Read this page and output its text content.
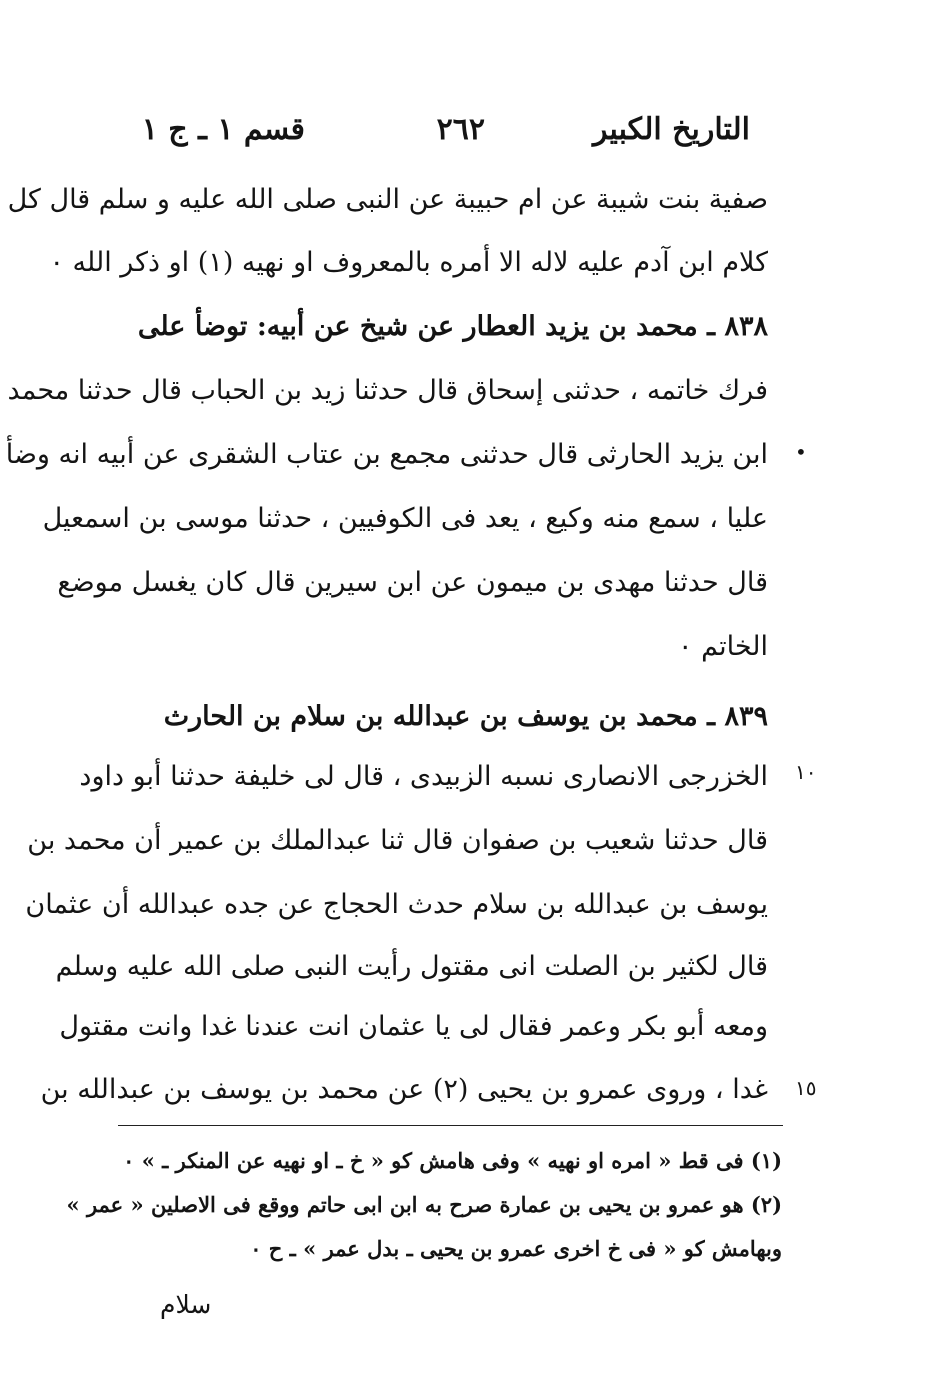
التاريخ الكبير
٢٦٢
قسم ١ ـ ج ١
صفية بنت شيبة عن ام حبيبة عن النبى صلى الله عليه و سلم قال كل
كلام ابن آدم عليه لاله الا أمره بالمعروف او نهيه (١) او ذكر الله ٠
٨٣٨ ـ محمد بن يزيد العطار عن شيخ عن أبيه: توضأ على
فرك خاتمه ، حدثنى إسحاق قال حدثنا زيد بن الحباب قال حدثنا محمد
ابن يزيد الحارثى قال حدثنى مجمع بن عتاب الشقرى عن أبيه انه وضأ
عليا ، سمع منه وكيع ، يعد فى الكوفيين ، حدثنا موسى بن اسمعيل
قال حدثنا مهدى بن ميمون عن ابن سيرين قال كان يغسل موضع
الخاتم ٠
٨٣٩ ـ محمد بن يوسف بن عبدالله بن سلام بن الحارث
الخزرجى الانصارى نسبه الزبيدى ، قال لى خليفة حدثنا أبو داود
قال حدثنا شعيب بن صفوان قال ثنا عبدالملك بن عمير أن محمد بن
يوسف بن عبدالله بن سلام حدث الحجاج عن جده عبدالله أن عثمان
قال لكثير بن الصلت انى مقتول رأيت النبى صلى الله عليه وسلم
ومعه أبو بكر وعمر فقال لى يا عثمان انت عندنا غدا وانت مقتول
غدا ، وروى عمرو بن يحيى (٢) عن محمد بن يوسف بن عبدالله بن
•
١٠
١٥
(١) فى قط « امره او نهيه » وفى هامش كو « خ ـ او نهيه عن المنكر ـ » ٠
(٢) هو عمرو بن يحيى بن عمارة صرح به ابن ابى حاتم ووقع فى الاصلين « عمر »
وبهامش كو « فى خ اخرى عمرو بن يحيى ـ بدل عمر » ـ ح ٠
سلام
